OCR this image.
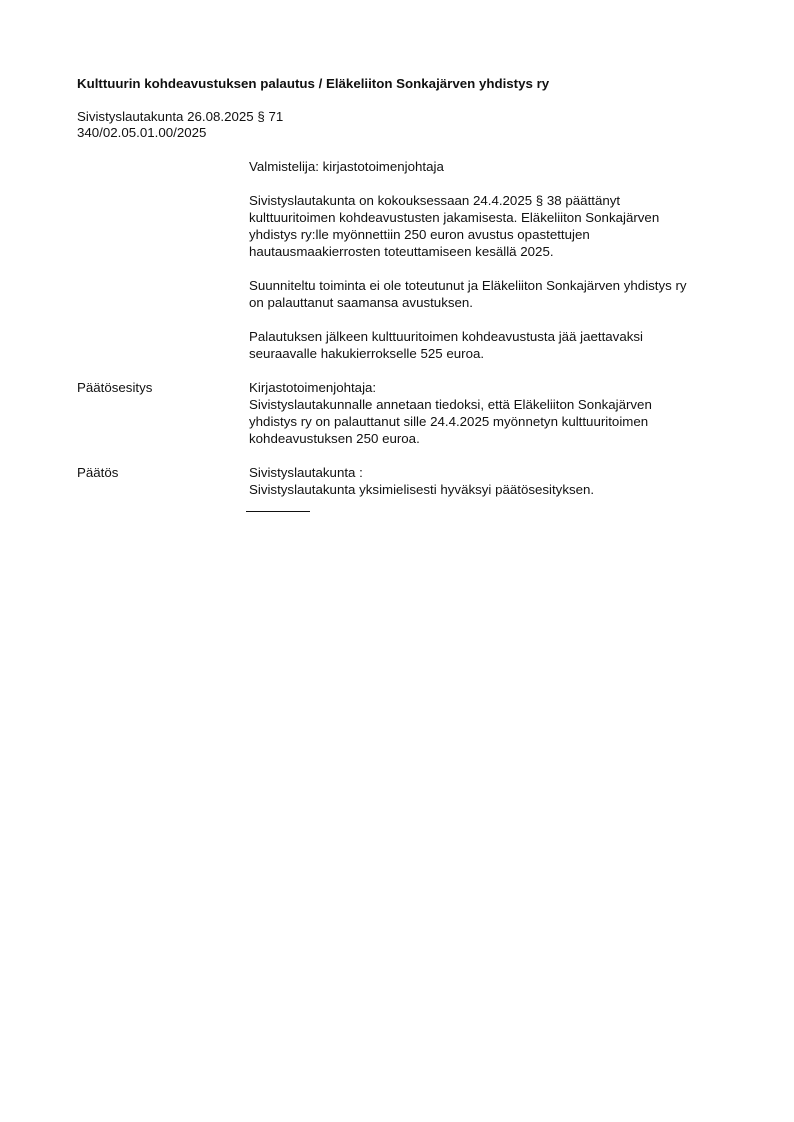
Kulttuurin kohdeavustuksen palautus / Eläkeliiton Sonkajärven yhdistys ry
Sivistyslautakunta 26.08.2025 § 71
340/02.05.01.00/2025
Valmistelija: kirjastotoimenjohtaja
Sivistyslautakunta on kokouksessaan 24.4.2025 § 38 päättänyt
kulttuuritoimen kohdeavustusten jakamisesta. Eläkeliiton Sonkajärven
yhdistys ry:lle myönnettiin 250 euron avustus opastettujen
hautausmaakierrosten toteuttamiseen kesällä 2025.
Suunniteltu toiminta ei ole toteutunut ja Eläkeliiton Sonkajärven yhdistys ry
on palauttanut saamansa avustuksen.
Palautuksen jälkeen kulttuuritoimen kohdeavustusta jää jaettavaksi
seuraavalle hakukierrokselle 525 euroa.
Päätösesitys	Kirjastotoimenjohtaja:
Sivistyslautakunnalle annetaan tiedoksi, että Eläkeliiton Sonkajärven
yhdistys ry on palauttanut sille 24.4.2025 myönnetyn kulttuuritoimen
kohdeavustuksen 250 euroa.
Päätös	Sivistyslautakunta :
Sivistyslautakunta yksimielisesti hyväksyi päätösesityksen.
